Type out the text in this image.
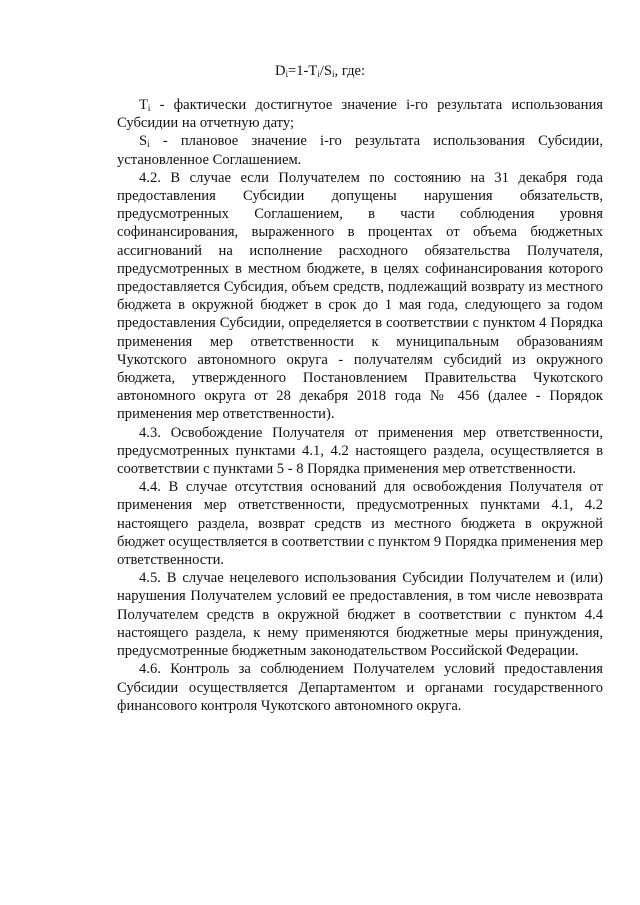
$D_i=1-T_i/S_i$, где:

$T_i$ - фактически достигнутое значение i-го результата использования Субсидии на отчетную дату;

$S_i$ - плановое значение i-го результата использования Субсидии, установленное Соглашением.

4.2. В случае если Получателем по состоянию на 31 декабря года предоставления Субсидии допущены нарушения обязательств, предусмотренных Соглашением, в части соблюдения уровня софинансирования, выраженного в процентах от объема бюджетных ассигнований на исполнение расходного обязательства Получателя, предусмотренных в местном бюджете, в целях софинансирования которого предоставляется Субсидия, объем средств, подлежащий возврату из местного бюджета в окружной бюджет в срок до 1 мая года, следующего за годом предоставления Субсидии, определяется в соответствии с пунктом 4 Порядка применения мер ответственности к муниципальным образованиям Чукотского автономного округа - получателям субсидий из окружного бюджета, утвержденного Постановлением Правительства Чукотского автономного округа от 28 декабря 2018 года № 456 (далее - Порядок применения мер ответственности).

4.3. Освобождение Получателя от применения мер ответственности, предусмотренных пунктами 4.1, 4.2 настоящего раздела, осуществляется в соответствии с пунктами 5 - 8 Порядка применения мер ответственности.

4.4. В случае отсутствия оснований для освобождения Получателя от применения мер ответственности, предусмотренных пунктами 4.1, 4.2 настоящего раздела, возврат средств из местного бюджета в окружной бюджет осуществляется в соответствии с пунктом 9 Порядка применения мер ответственности.

4.5. В случае нецелевого использования Субсидии Получателем и (или) нарушения Получателем условий ее предоставления, в том числе невозврата Получателем средств в окружной бюджет в соответствии с пунктом 4.4 настоящего раздела, к нему применяются бюджетные меры принуждения, предусмотренные бюджетным законодательством Российской Федерации.

4.6. Контроль за соблюдением Получателем условий предоставления Субсидии осуществляется Департаментом и органами государственного финансового контроля Чукотского автономного округа.
